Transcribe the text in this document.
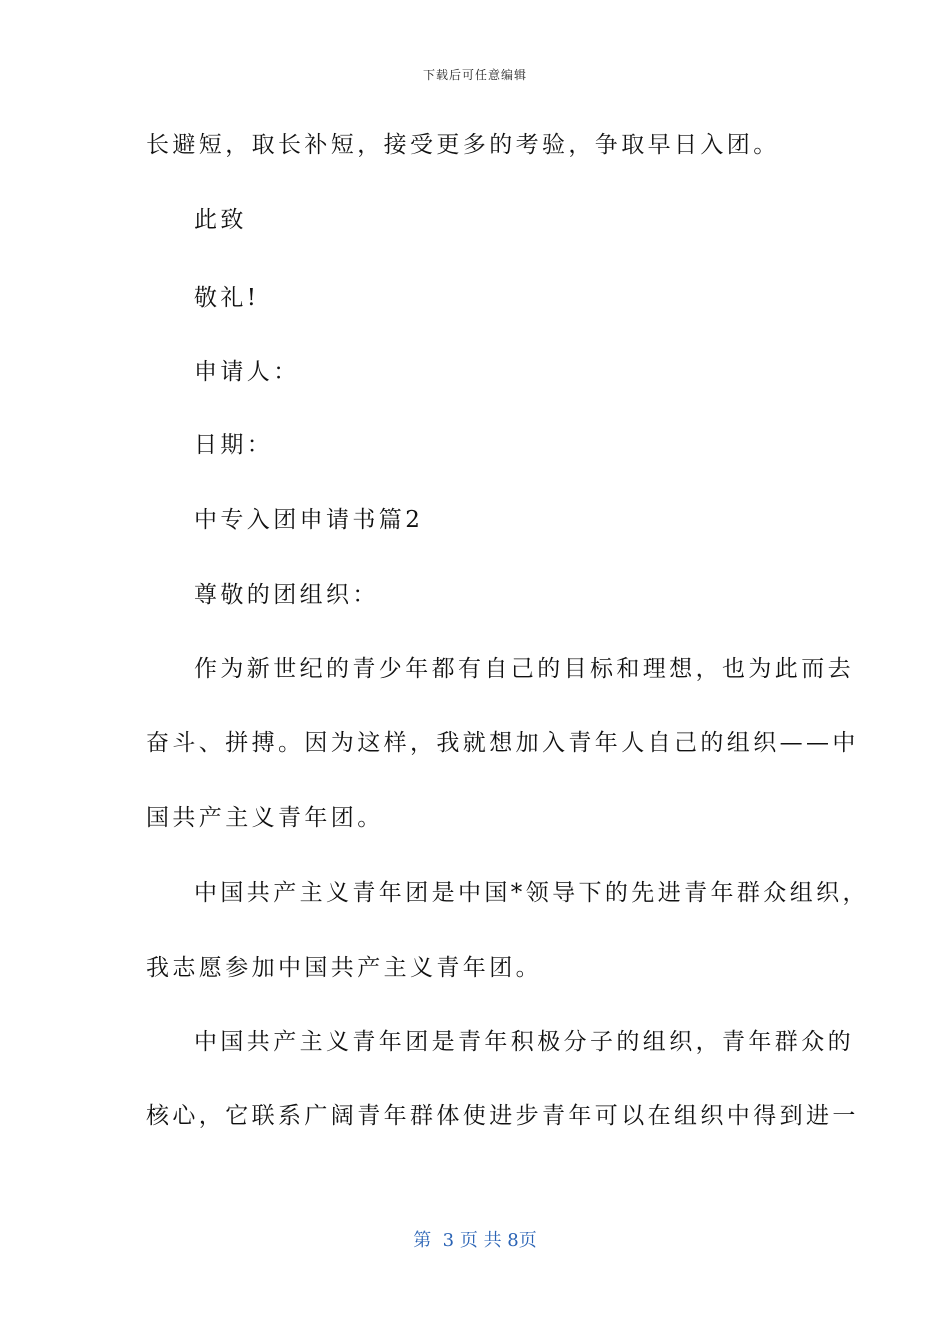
下载后可任意编辑
长避短，取长补短，接受更多的考验，争取早日入团。
此致
敬礼!
申请人：
日期：
中专入团申请书篇2
尊敬的团组织：
作为新世纪的青少年都有自己的目标和理想，也为此而去
奋斗、拼搏。因为这样，我就想加入青年人自己的组织——中
国共产主义青年团。
中国共产主义青年团是中国*领导下的先进青年群众组织，
我志愿参加中国共产主义青年团。
中国共产主义青年团是青年积极分子的组织，青年群众的
核心，它联系广阔青年群体使进步青年可以在组织中得到进一
第  3 页 共 8页
